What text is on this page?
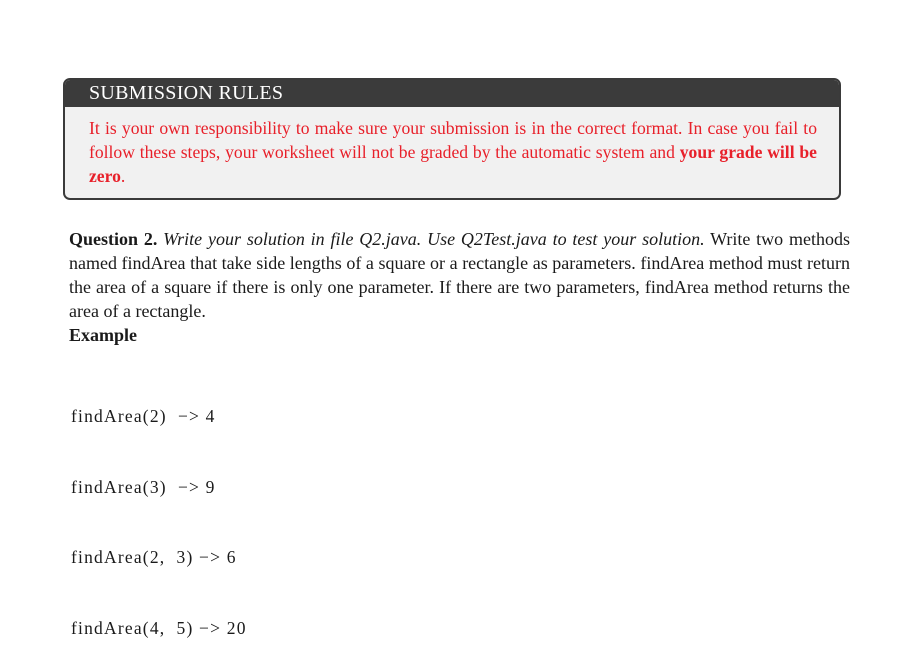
SUBMISSION RULES
It is your own responsibility to make sure your submission is in the correct format. In case you fail to follow these steps, your worksheet will not be graded by the automatic system and your grade will be zero.
Question 2. Write your solution in file Q2.java. Use Q2Test.java to test your solution. Write two methods named findArea that take side lengths of a square or a rectangle as parameters. findArea method must return the area of a square if there is only one parameter. If there are two parameters, findArea method returns the area of a rectangle.
Example

findArea(2)  −> 4

findArea(3)  −> 9

findArea(2,  3) −> 6

findArea(4,  5) −> 20
